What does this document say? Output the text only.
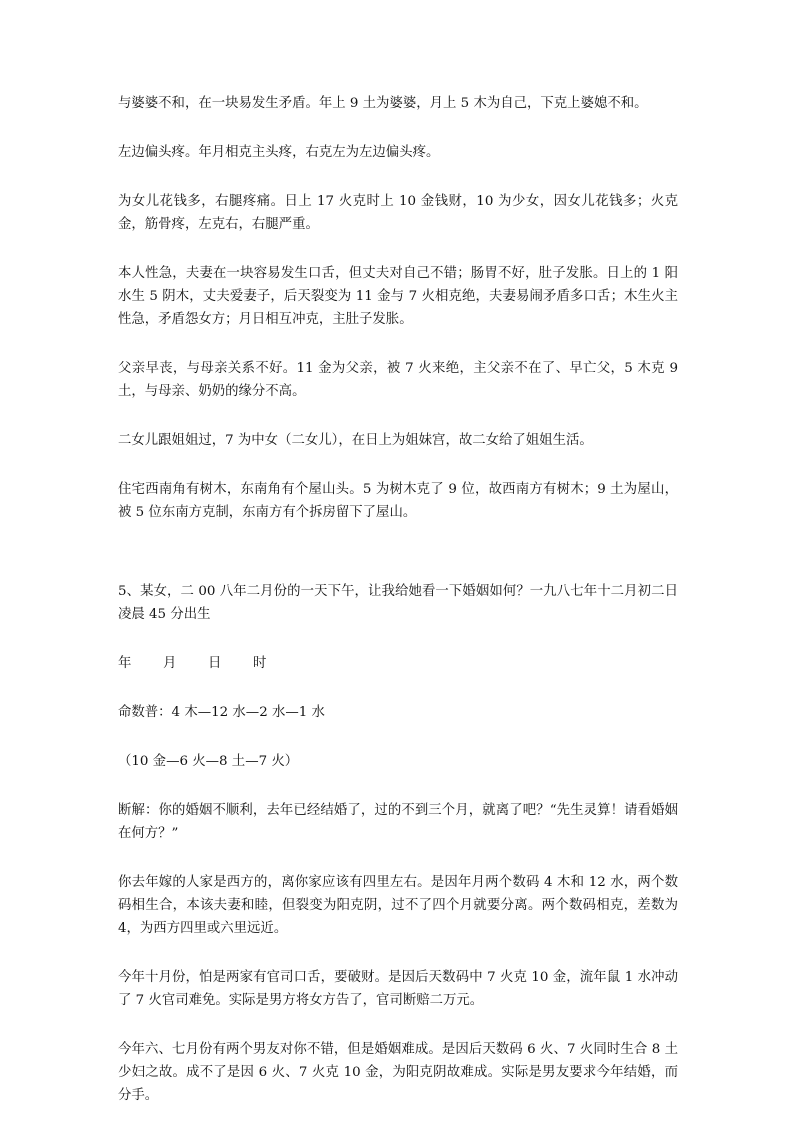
与婆婆不和，在一块易发生矛盾。年上 9 土为婆婆，月上 5 木为自己，下克上婆媳不和。

左边偏头疼。年月相克主头疼，右克左为左边偏头疼。

为女儿花钱多，右腿疼痛。日上 17 火克时上 10 金钱财，10 为少女，因女儿花钱多；火克金，筋骨疼，左克右，右腿严重。

本人性急，夫妻在一块容易发生口舌，但丈夫对自己不错；肠胃不好，肚子发胀。日上的 1 阳水生 5 阴木，丈夫爱妻子，后天裂变为 11 金与 7 火相克绝，夫妻易闹矛盾多口舌；木生火主性急，矛盾怨女方；月日相互冲克，主肚子发胀。

父亲早丧，与母亲关系不好。11 金为父亲，被 7 火来绝，主父亲不在了、早亡父，5 木克 9 土，与母亲、奶奶的缘分不高。

二女儿跟姐姐过，7 为中女（二女儿），在日上为姐妹宫，故二女给了姐姐生活。

住宅西南角有树木，东南角有个屋山头。5 为树木克了 9 位，故西南方有树木；9 土为屋山，被 5 位东南方克制，东南方有个拆房留下了屋山。

5、某女，二 00 八年二月份的一天下午，让我给她看一下婚姻如何？一九八七年十二月初二日凌晨 45 分出生

年	月	日	时

命数普：4 木—12 水—2 水—1 水

（10 金—6 火—8 土—7 火）

断解：你的婚姻不顺利，去年已经结婚了，过的不到三个月，就离了吧？“先生灵算！请看婚姻在何方？”

你去年嫁的人家是西方的，离你家应该有四里左右。是因年月两个数码 4 木和 12 水，两个数码相生合，本该夫妻和睦，但裂变为阳克阴，过不了四个月就要分离。两个数码相克，差数为 4，为西方四里或六里远近。

今年十月份，怕是两家有官司口舌，要破财。是因后天数码中 7 火克 10 金，流年鼠 1 水冲动了 7 火官司难免。实际是男方将女方告了，官司断赔二万元。

今年六、七月份有两个男友对你不错，但是婚姻难成。是因后天数码 6 火、7 火同时生合 8 土少妇之故。成不了是因 6 火、7 火克 10 金，为阳克阴故难成。实际是男友要求今年结婚，而分手。
